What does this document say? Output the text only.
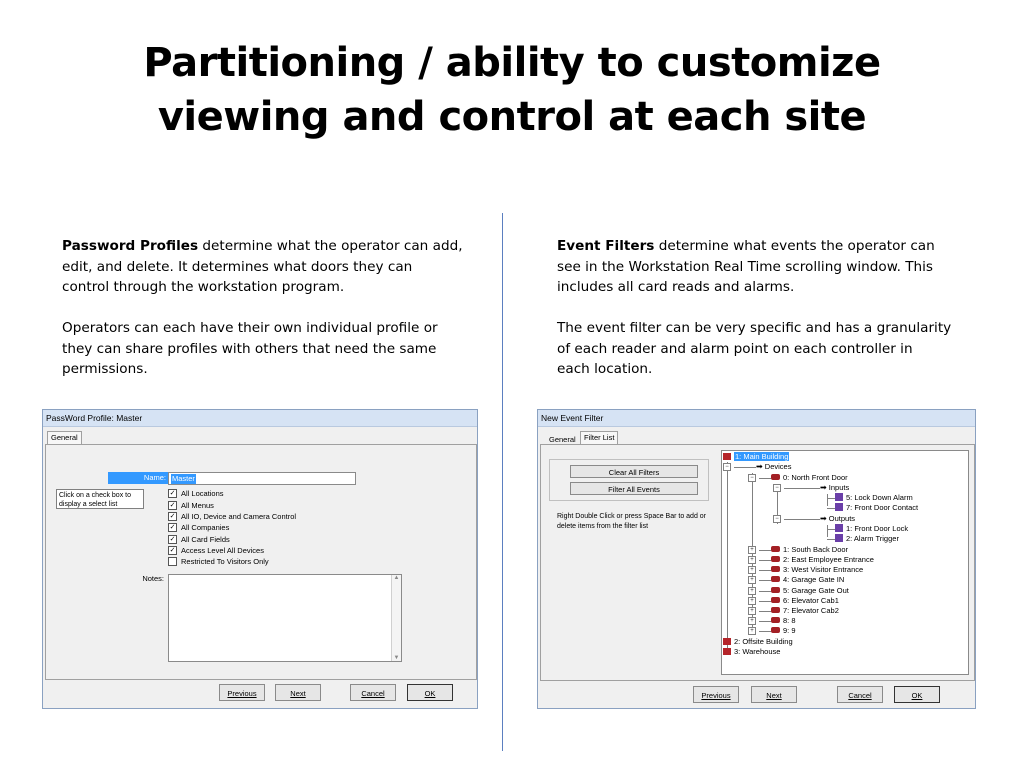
Partitioning / ability to customize
viewing and control at each site
Password Profiles determine what the operator can add,
edit, and delete. It determines what doors they can
control through the workstation program.
Operators can each have their own individual profile or
they can share profiles with others that need the same
permissions.
Event Filters determine what events the operator can
see in the Workstation Real Time scrolling window. This
includes all card reads and alarms.
The event filter can be very specific and has a granularity
of each reader and alarm point on each controller in
each location.
PassWord Profile: Master
General
Name: Master
Click on a check box to display a select list
✓ All Locations
✓ All Menus
✓ All IO, Device and Camera Control
✓ All Companies
✓ All Card Fields
✓ Access Level All Devices
Restricted To Visitors Only
Notes:	▲
▼
Previous	Next	Cancel	OK
New Event Filter
General	Filter List
Clear All Filters
Filter All Events
Right Double Click or press Space Bar to add or delete items from the filter list
1: Main Building
−	➡ Devices
−	0: North Front Door
−	➡ Inputs
5: Lock Down Alarm
7: Front Door Contact
−	➡ Outputs
1: Front Door Lock
2: Alarm Trigger
+	1: South Back Door
+	2: East Employee Entrance
+	3: West Visitor Entrance
+	4: Garage Gate IN
+	5: Garage Gate Out
+	6: Elevator Cab1
+	7: Elevator Cab2
+	8: 8
+	9: 9
2: Offsite Building
3: Warehouse
Previous	Next	Cancel	OK
